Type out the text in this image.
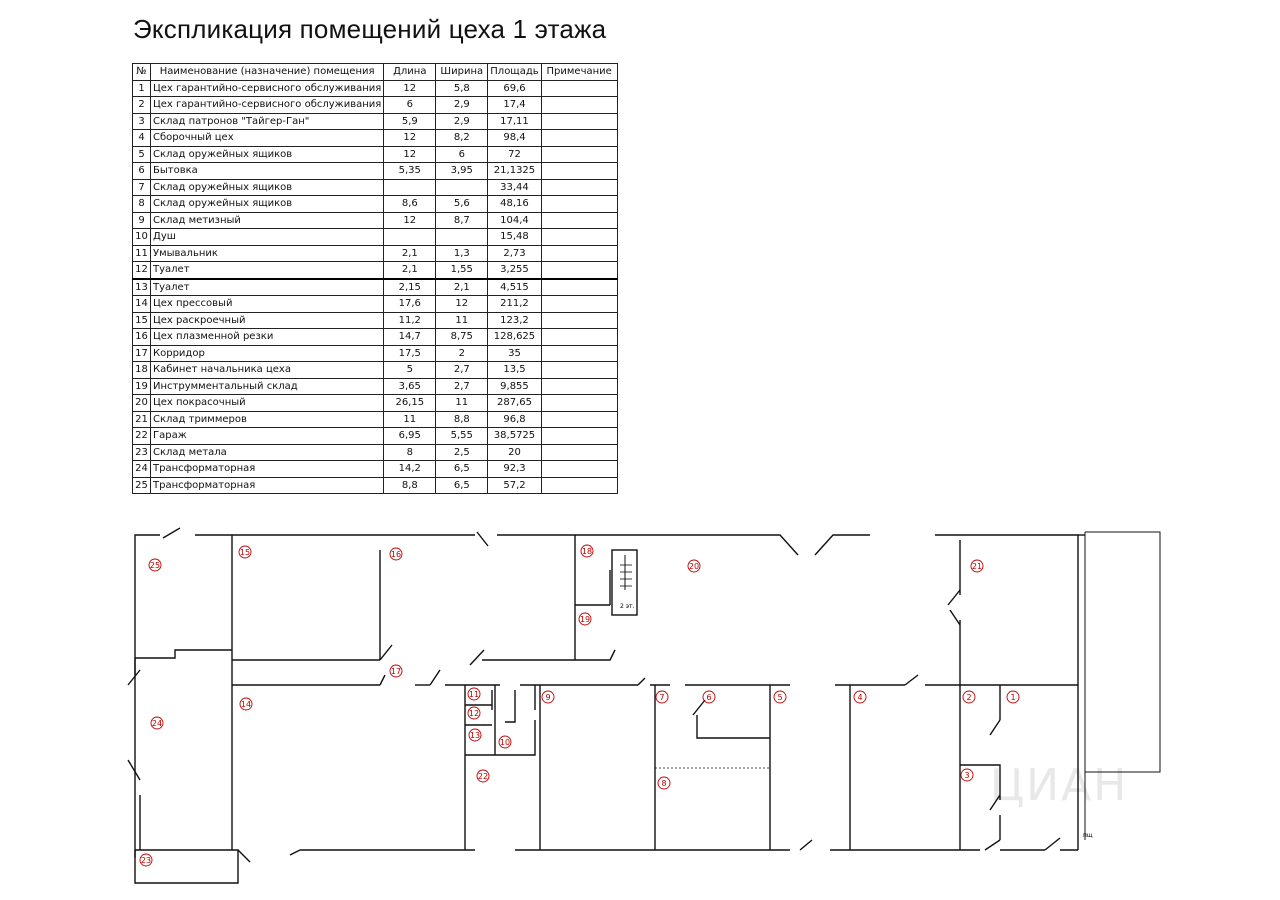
Экспликация помещений цеха 1 этажа
№	Наименование (назначение) помещения	Длина	Ширина	Площадь	Примечание
1	Цех гарантийно-сервисного обслуживания	12	5,8	69,6	
2	Цех гарантийно-сервисного обслуживания	6	2,9	17,4	
3	Склад патронов "Тайгер-Ган"	5,9	2,9	17,11	
4	Сборочный цех	12	8,2	98,4	
5	Склад оружейных ящиков	12	6	72	
6	Бытовка	5,35	3,95	21,1325	
7	Склад оружейных ящиков			33,44	
8	Склад оружейных ящиков	8,6	5,6	48,16	
9	Склад метизный	12	8,7	104,4	
10	Душ			15,48	
11	Умывальник	2,1	1,3	2,73	
12	Туалет	2,1	1,55	3,255	
13	Туалет	2,15	2,1	4,515	
14	Цех прессовый	17,6	12	211,2	
15	Цех раскроечный	11,2	11	123,2	
16	Цех плазменной резки	14,7	8,75	128,625	
17	Корридор	17,5	2	35	
18	Кабинет начальника цеха	5	2,7	13,5	
19	Инструмментальный склад	3,65	2,7	9,855	
20	Цех покрасочный	26,15	11	287,65	
21	Склад триммеров	11	8,8	96,8	
22	Гараж	6,95	5,55	38,5725	
23	Склад метала	8	2,5	20	
24	Трансформаторная	14,2	6,5	92,3	
25	Трансформаторная	8,8	6,5	57,2	
ЦИАН
1
2
3
4
5
6
7
8
9
10
11
12
13
14
15	16
17
18
19
20	21
22
23
24
25
2 эт.
пщ
